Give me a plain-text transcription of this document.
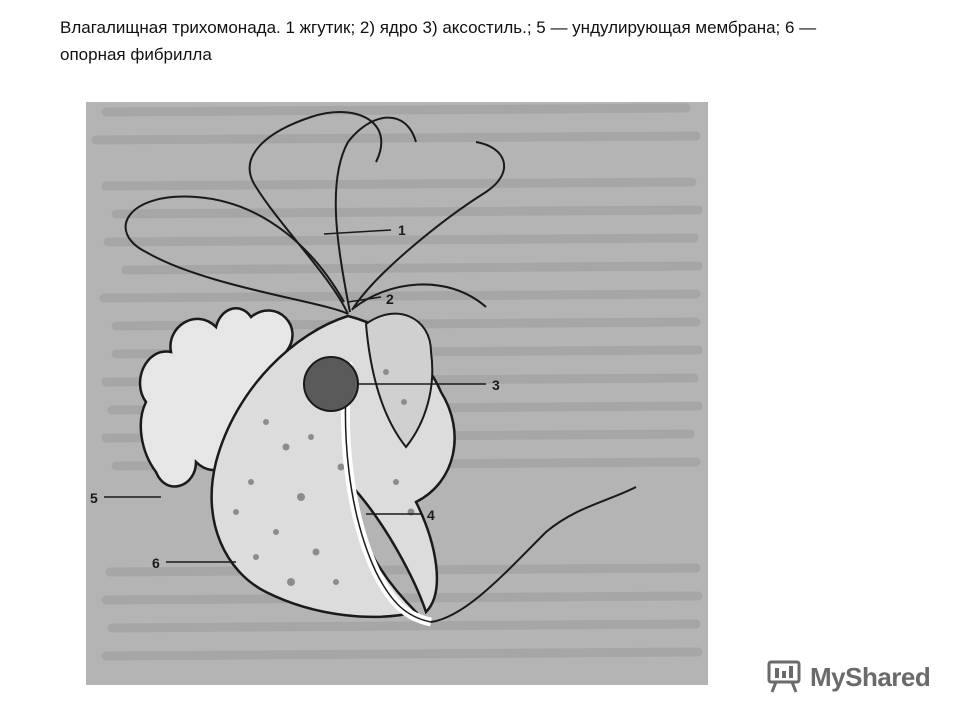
Влагалищная трихомонада. 1 жгутик; 2) ядро 3) аксостиль.; 5 — ундулирующая мембрана; 6 — опорная фибрилла
1
2
3
4
5
6
MyShared
